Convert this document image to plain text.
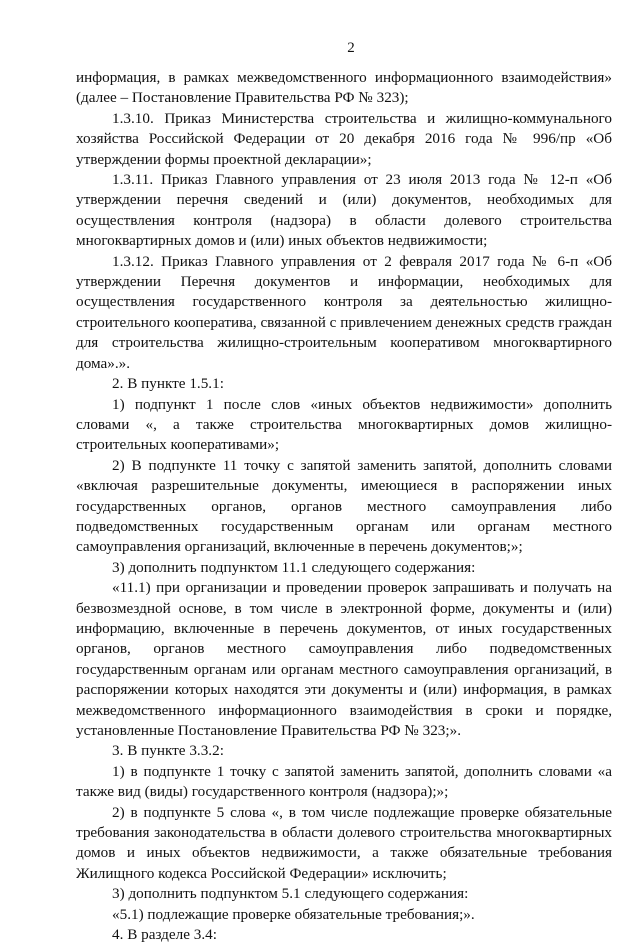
2

информация, в рамках межведомственного информационного взаимодействия» (далее – Постановление Правительства РФ № 323);

1.3.10. Приказ Министерства строительства и жилищно-коммунального хозяйства Российской Федерации от 20 декабря 2016 года № 996/пр «Об утверждении формы проектной декларации»;

1.3.11. Приказ Главного управления от 23 июля 2013 года № 12-п «Об утверждении перечня сведений и (или) документов, необходимых для осуществления контроля (надзора) в области долевого строительства многоквартирных домов и (или) иных объектов недвижимости;

1.3.12. Приказ Главного управления от 2 февраля 2017 года № 6-п «Об утверждении Перечня документов и информации, необходимых для осуществления государственного контроля за деятельностью жилищно-строительного кооператива, связанной с привлечением денежных средств граждан для строительства жилищно-строительным кооперативом многоквартирного дома».».

2. В пункте 1.5.1:

1) подпункт 1 после слов «иных объектов недвижимости» дополнить словами «, а также строительства многоквартирных домов жилищно-строительных кооперативами»;

2) В подпункте 11 точку с запятой заменить запятой, дополнить словами «включая разрешительные документы, имеющиеся в распоряжении иных государственных органов, органов местного самоуправления либо подведомственных государственным органам или органам местного самоуправления организаций, включенные в перечень документов;»;

3) дополнить подпунктом 11.1 следующего содержания:

«11.1) при организации и проведении проверок запрашивать и получать на безвозмездной основе, в том числе в электронной форме, документы и (или) информацию, включенные в перечень документов, от иных государственных органов, органов местного самоуправления либо подведомственных государственным органам или органам местного самоуправления организаций, в распоряжении которых находятся эти документы и (или) информация, в рамках межведомственного информационного взаимодействия в сроки и порядке, установленные Постановление Правительства РФ № 323;».

3. В пункте 3.3.2:

1) в подпункте 1 точку с запятой заменить запятой, дополнить словами «а также вид (виды) государственного контроля (надзора);»;

2) в подпункте 5 слова «, в том числе подлежащие проверке обязательные требования законодательства в области долевого строительства многоквартирных домов и иных объектов недвижимости, а также обязательные требования Жилищного кодекса Российской Федерации» исключить;

3) дополнить подпунктом 5.1 следующего содержания:

«5.1) подлежащие проверке обязательные требования;».

4. В разделе 3.4:
